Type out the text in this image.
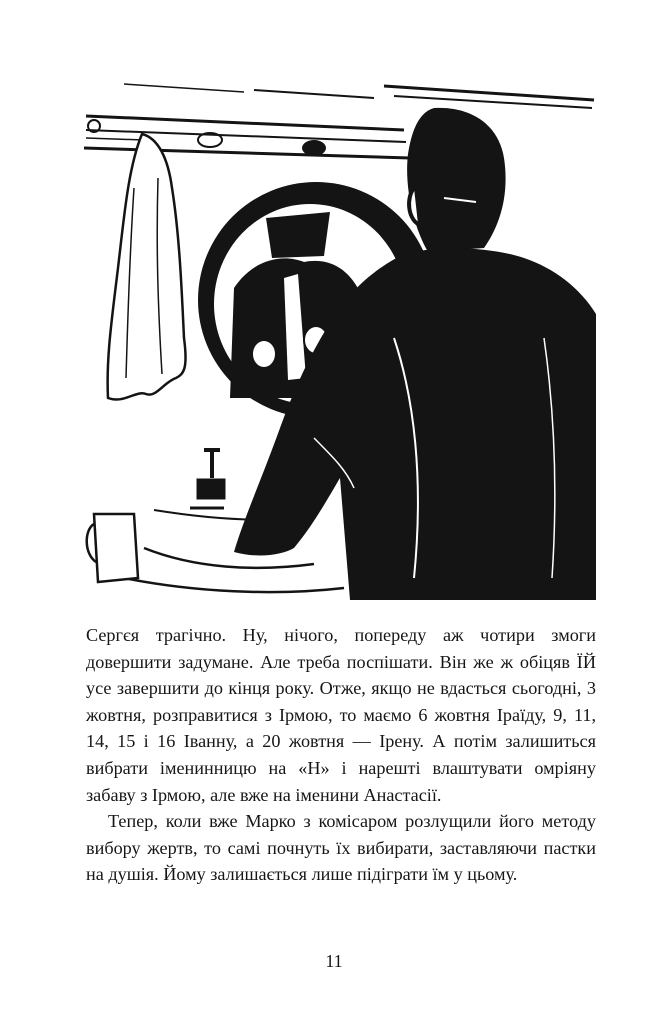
Сергєя трагічно. Ну, нічого, попереду аж чотири змоги довершити задумане. Але треба поспішати. Він же ж обіцяв ЇЙ усе завершити до кінця року. Отже, якщо не вдасться сьогодні, 3 жовтня, розправитися з Ірмою, то маємо 6 жовтня Іраїду, 9, 11, 14, 15 і 16 Іванну, а 20 жовтня — Ірену. А потім залишиться вибрати іменинницю на «Н» і нарешті влаштувати омріяну забаву з Ірмою, але вже на іменини Анастасії.

Тепер, коли вже Марко з комісаром розлущили його методу вибору жертв, то самі почнуть їх вибирати, заставляючи пастки на душія. Йому залишається лише підіграти їм у цьому.

11
